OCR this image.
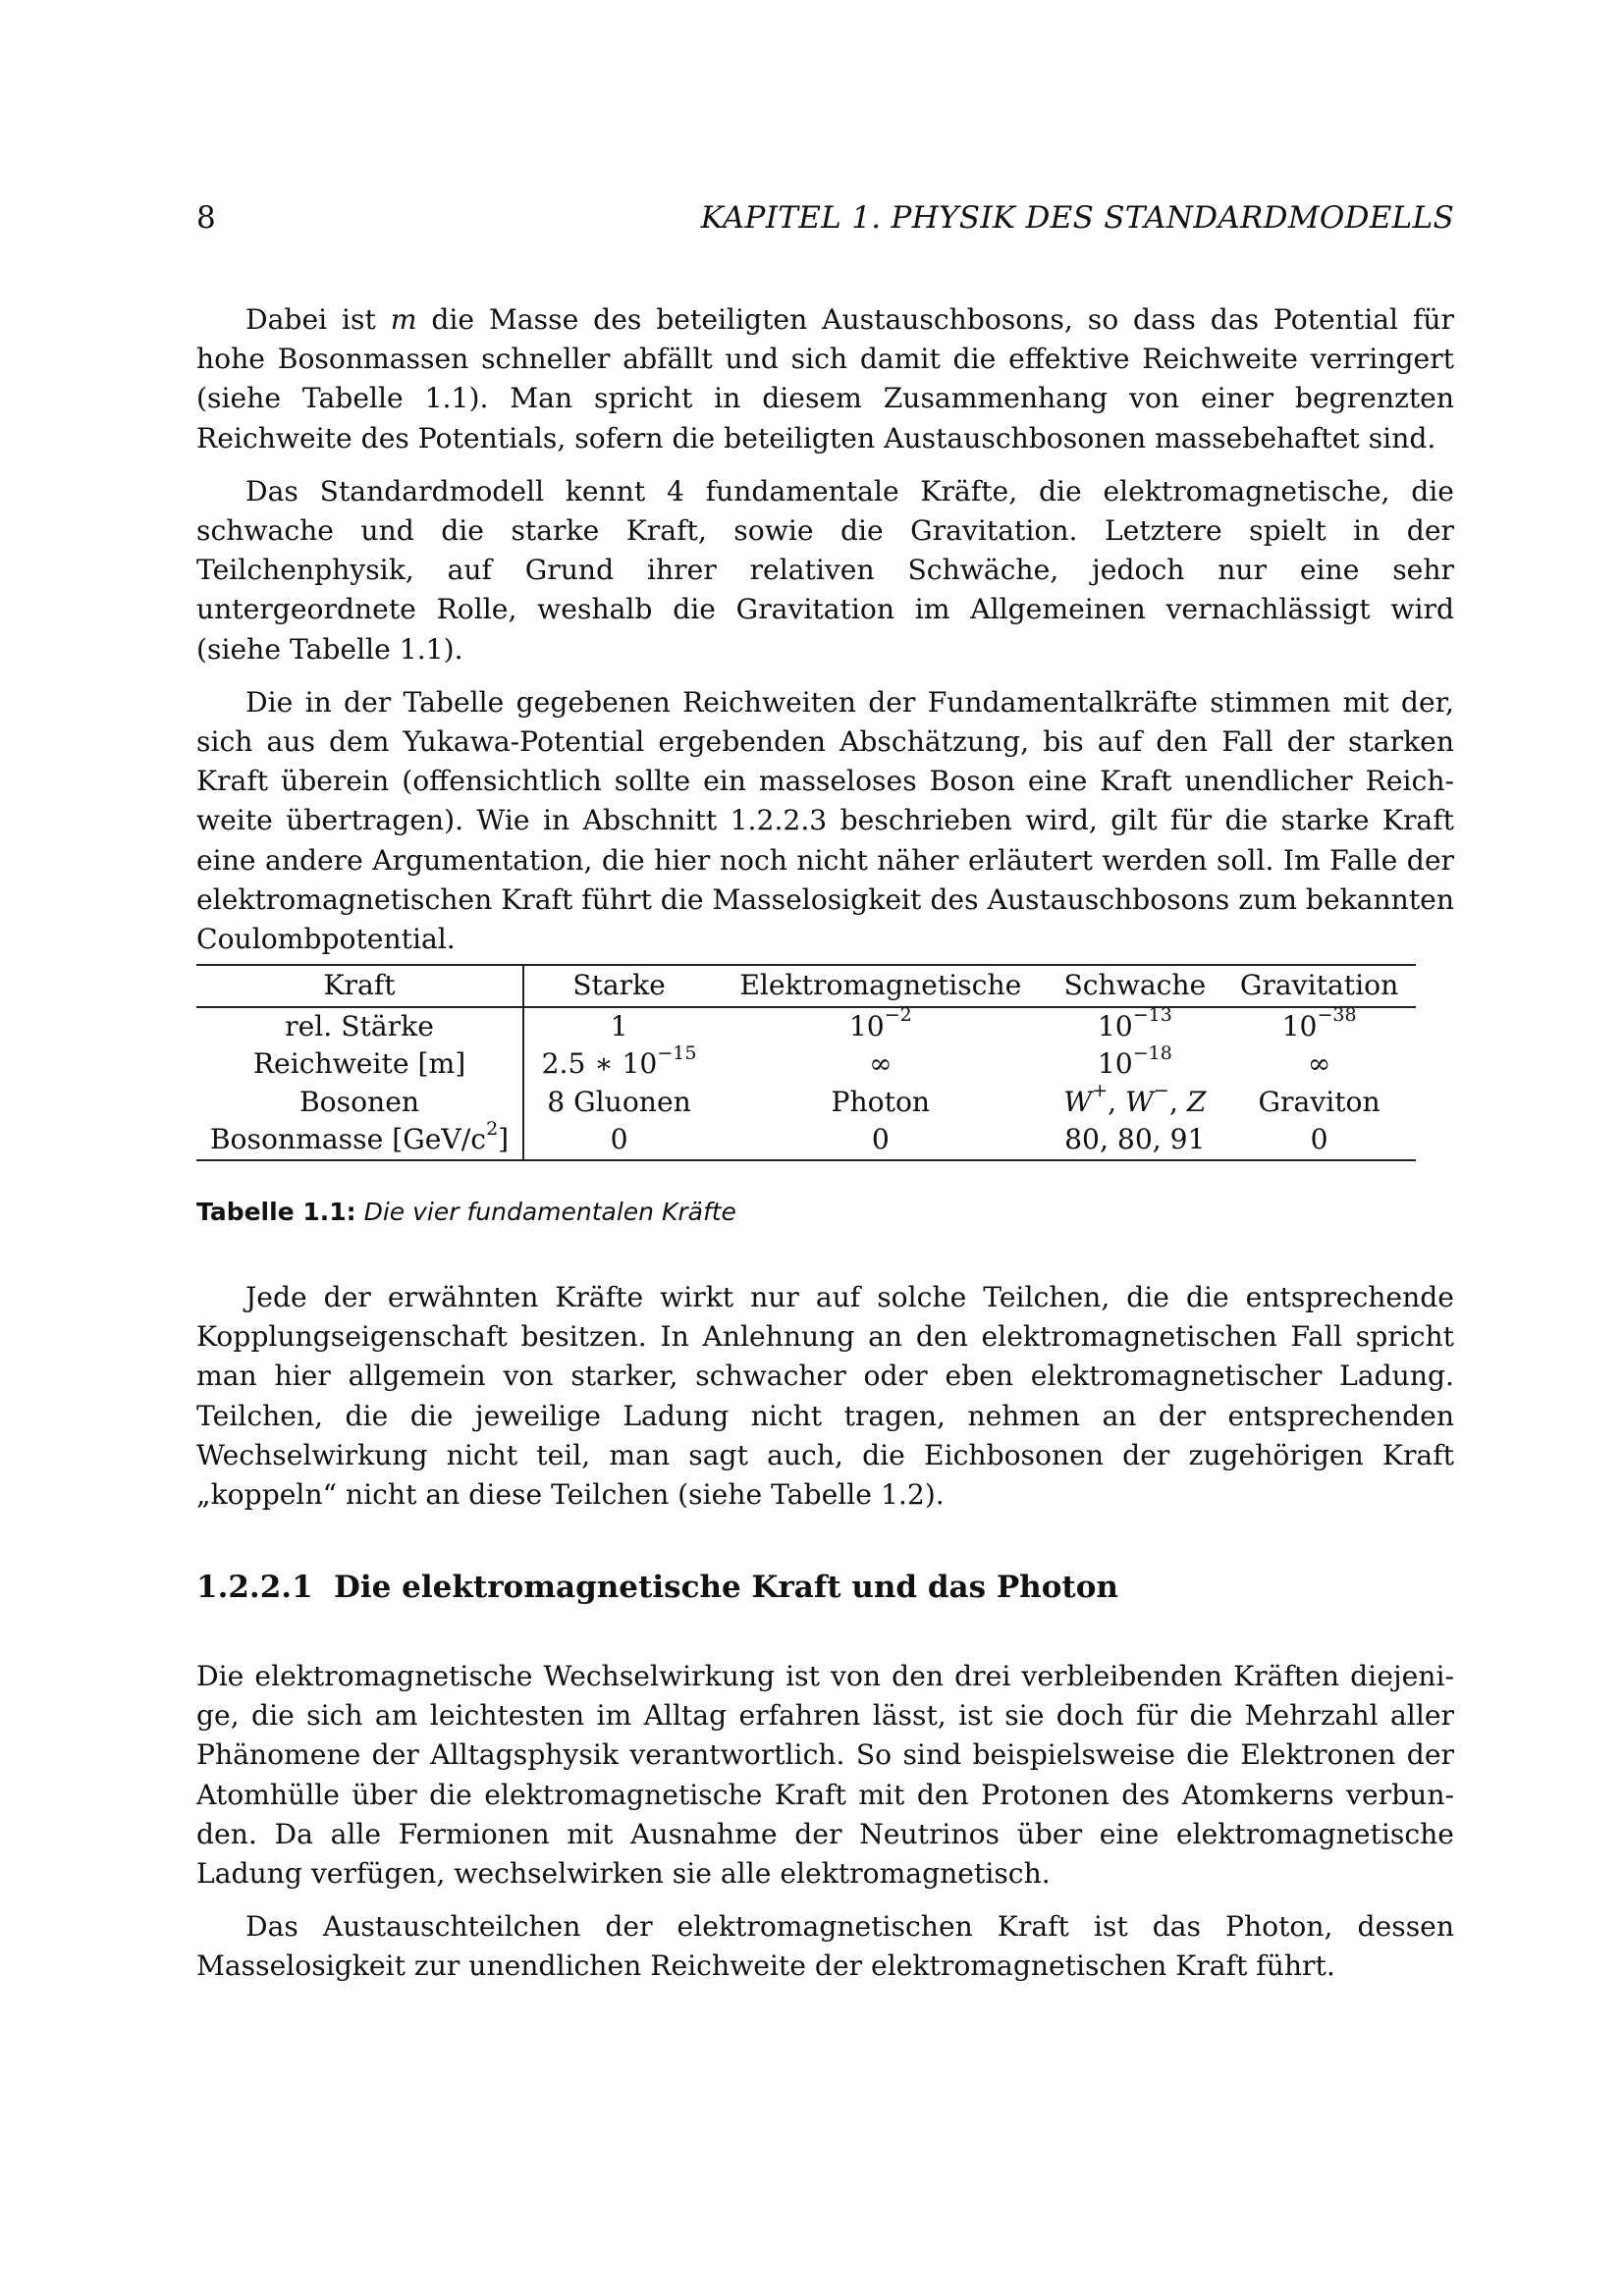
8	KAPITEL 1. PHYSIK DES STANDARDMODELLS

Dabei ist m die Masse des beteiligten Austauschbosons, so dass das Potential für hohe Bosonmassen schneller abfällt und sich damit die effektive Reichweite verringert (siehe Tabelle 1.1). Man spricht in diesem Zusammenhang von einer begrenzten Reichweite des Potentials, sofern die beteiligten Austauschbosonen massebehaftet sind.

Das Standardmodell kennt 4 fundamentale Kräfte, die elektromagnetische, die schwache und die starke Kraft, sowie die Gravitation. Letztere spielt in der Teilchenphysik, auf Grund ihrer relativen Schwäche, jedoch nur eine sehr untergeordnete Rolle, weshalb die Gravitation im Allgemeinen vernachlässigt wird (siehe Tabelle 1.1).

Die in der Tabelle gegebenen Reichweiten der Fundamentalkräfte stimmen mit der, sich aus dem Yukawa-Potential ergebenden Abschätzung, bis auf den Fall der starken Kraft überein (offensichtlich sollte ein masseloses Boson eine Kraft unendlicher Reichweite übertragen). Wie in Abschnitt 1.2.2.3 beschrieben wird, gilt für die starke Kraft eine andere Argumentation, die hier noch nicht näher erläutert werden soll. Im Falle der elektromagnetischen Kraft führt die Masselosigkeit des Austauschbosons zum bekannten Coulombpotential.

Kraft	Starke	Elektromagnetische	Schwache	Gravitation
rel. Stärke	1	$10^{-2}$	$10^{-13}$	$10^{-38}$
Reichweite [m]	2.5 ∗ $10^{-15}$	∞	$10^{-18}$	∞
Bosonen	8 Gluonen	Photon	W+, W−, Z	Graviton
Bosonmasse $[GeV/c^2]$	0	0	80, 80, 91	0
Tabelle 1.1: Die vier fundamentalen Kräfte

Jede der erwähnten Kräfte wirkt nur auf solche Teilchen, die die entsprechende Kopplungseigenschaft besitzen. In Anlehnung an den elektromagnetischen Fall spricht man hier allgemein von starker, schwacher oder eben elektromagnetischer Ladung. Teilchen, die die jeweilige Ladung nicht tragen, nehmen an der entsprechenden Wechselwirkung nicht teil, man sagt auch, die Eichbosonen der zugehörigen Kraft „koppeln“ nicht an diese Teilchen (siehe Tabelle 1.2).

1.2.2.1 Die elektromagnetische Kraft und das Photon

Die elektromagnetische Wechselwirkung ist von den drei verbleibenden Kräften diejenige, die sich am leichtesten im Alltag erfahren lässt, ist sie doch für die Mehrzahl aller Phänomene der Alltagsphysik verantwortlich. So sind beispielsweise die Elektronen der Atomhülle über die elektromagnetische Kraft mit den Protonen des Atomkerns verbunden. Da alle Fermionen mit Ausnahme der Neutrinos über eine elektromagnetische Ladung verfügen, wechselwirken sie alle elektromagnetisch.

Das Austauschteilchen der elektromagnetischen Kraft ist das Photon, dessen Masselosigkeit zur unendlichen Reichweite der elektromagnetischen Kraft führt.
